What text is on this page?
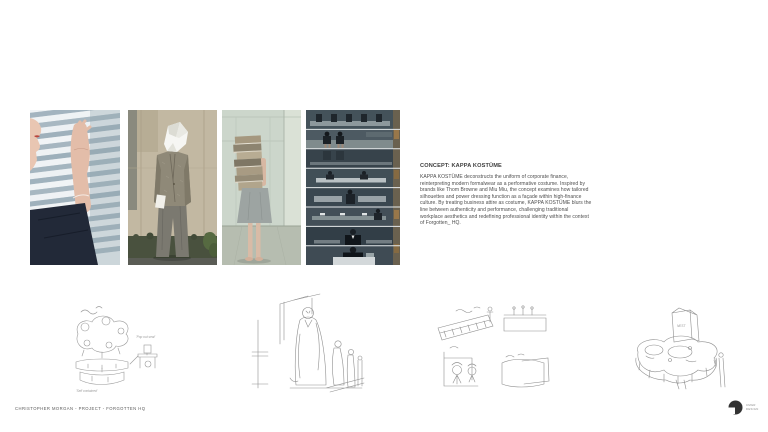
CONCEPT: KAPPA KOSTÜME

KAPPA KOSTÜME deconstructs the uniform of corporate finance, reinterpreting modern formalwear as a performative costume. Inspired by brands like Thom Browne and Miu Miu, the concept examines how tailored silhouettes and power dressing function as a façade within high-finance culture. By treating business attire as costume, KAPPA KOSTÜME blurs the line between authenticity and performance, challenging traditional workplace aesthetics and redefining professional identity within the context of Forgotten_ HQ.

'Pop out seat'
'Self contained'
NEST
CHRISTOPHER MORGAN - PROJECT - FORGOTTEN HQ
CMGR
DESIGN
